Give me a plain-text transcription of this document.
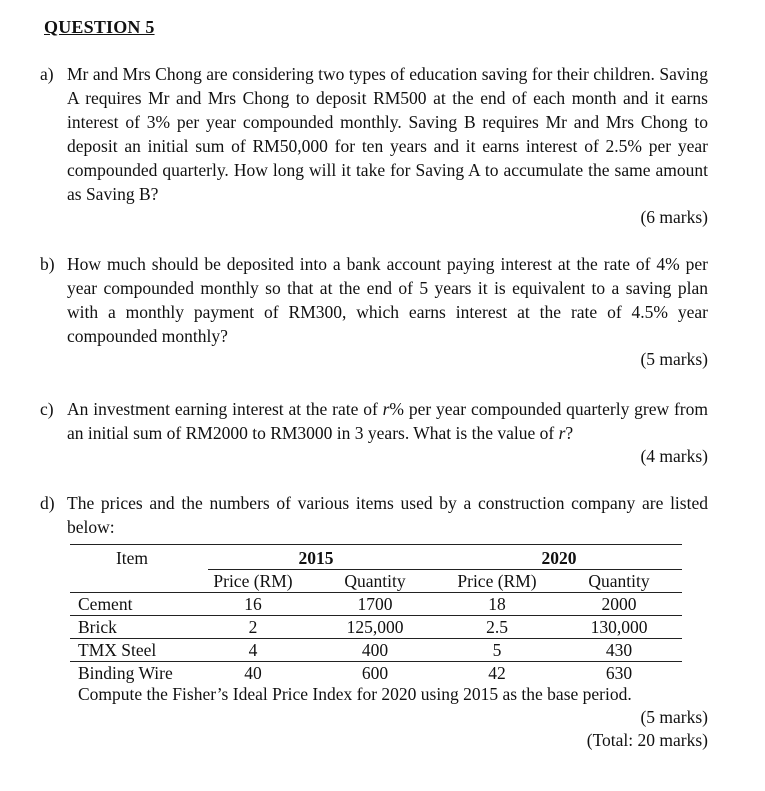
QUESTION 5
a) Mr and Mrs Chong are considering two types of education saving for their children. Saving A requires Mr and Mrs Chong to deposit RM500 at the end of each month and it earns interest of 3% per year compounded monthly. Saving B requires Mr and Mrs Chong to deposit an initial sum of RM50,000 for ten years and it earns interest of 2.5% per year compounded quarterly. How long will it take for Saving A to accumulate the same amount as Saving B?
(6 marks)
b) How much should be deposited into a bank account paying interest at the rate of 4% per year compounded monthly so that at the end of 5 years it is equivalent to a saving plan with a monthly payment of RM300, which earns interest at the rate of 4.5% year compounded monthly?
(5 marks)
c) An investment earning interest at the rate of r% per year compounded quarterly grew from an initial sum of RM2000 to RM3000 in 3 years. What is the value of r?
(4 marks)
d) The prices and the numbers of various items used by a construction company are listed below:
Item	2015	2020
Price (RM)	Quantity	Price (RM)	Quantity
Cement	16	1700	18	2000
Brick	2	125,000	2.5	130,000
TMX Steel	4	400	5	430
Binding Wire	40	600	42	630
Compute the Fisher’s Ideal Price Index for 2020 using 2015 as the base period.
(5 marks)
(Total: 20 marks)
